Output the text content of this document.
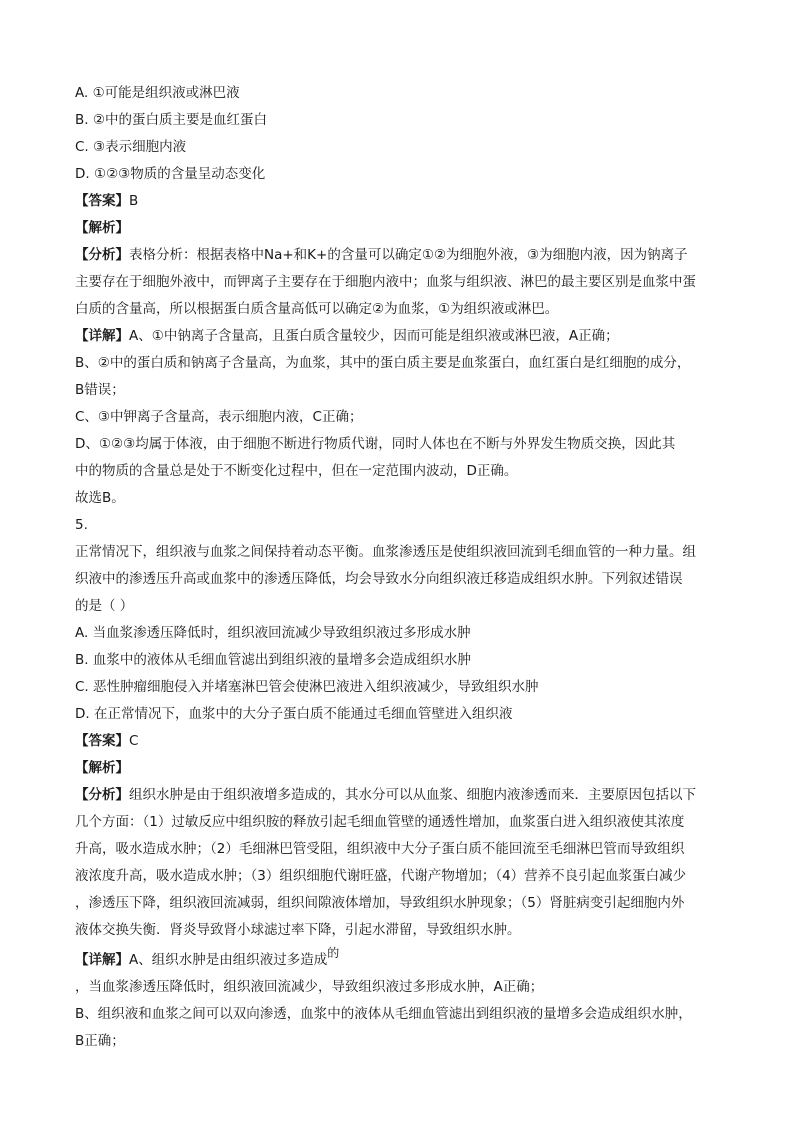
A. ①可能是组织液或淋巴液

B. ②中的蛋白质主要是血红蛋白

C. ③表示细胞内液

D. ①②③物质的含量呈动态变化

【答案】B

【解析】

【分析】表格分析：根据表格中Na+和K+的含量可以确定①②为细胞外液，③为细胞内液，因为钠离子

主要存在于细胞外液中，而钾离子主要存在于细胞内液中；血浆与组织液、淋巴的最主要区别是血浆中蛋

白质的含量高，所以根据蛋白质含量高低可以确定②为血浆，①为组织液或淋巴。

【详解】A、①中钠离子含量高，且蛋白质含量较少，因而可能是组织液或淋巴液，A正确；

B、②中的蛋白质和钠离子含量高，为血浆，其中的蛋白质主要是血浆蛋白，血红蛋白是红细胞的成分，

B错误；

C、③中钾离子含量高，表示细胞内液，C正确；

D、①②③均属于体液，由于细胞不断进行物质代谢，同时人体也在不断与外界发生物质交换，因此其

中的物质的含量总是处于不断变化过程中，但在一定范围内波动，D正确。

故选B。

5.

正常情况下，组织液与血浆之间保持着动态平衡。血浆渗透压是使组织液回流到毛细血管的一种力量。组

织液中的渗透压升高或血浆中的渗透压降低，均会导致水分向组织液迁移造成组织水肿。下列叙述错误

的是（ ）

A. 当血浆渗透压降低时，组织液回流减少导致组织液过多形成水肿

B. 血浆中的液体从毛细血管滤出到组织液的量增多会造成组织水肿

C. 恶性肿瘤细胞侵入并堵塞淋巴管会使淋巴液进入组织液减少，导致组织水肿

D. 在正常情况下，血浆中的大分子蛋白质不能通过毛细血管壁进入组织液

【答案】C

【解析】

【分析】组织水肿是由于组织液增多造成的，其水分可以从血浆、细胞内液渗透而来．主要原因包括以下

几个方面：（1）过敏反应中组织胺的释放引起毛细血管壁的通透性增加，血浆蛋白进入组织液使其浓度

升高，吸水造成水肿；（2）毛细淋巴管受阻，组织液中大分子蛋白质不能回流至毛细淋巴管而导致组织

液浓度升高，吸水造成水肿；（3）组织细胞代谢旺盛，代谢产物增加；（4）营养不良引起血浆蛋白减少

，渗透压下降，组织液回流减弱，组织间隙液体增加，导致组织水肿现象；（5）肾脏病变引起细胞内外

液体交换失衡．肾炎导致肾小球滤过率下降，引起水滞留，导致组织水肿。

【详解】A、组织水肿是由组织液过多造成的

，当血浆渗透压降低时，组织液回流减少，导致组织液过多形成水肿，A正确；

B、组织液和血浆之间可以双向渗透，血浆中的液体从毛细血管滤出到组织液的量增多会造成组织水肿，

B正确；
